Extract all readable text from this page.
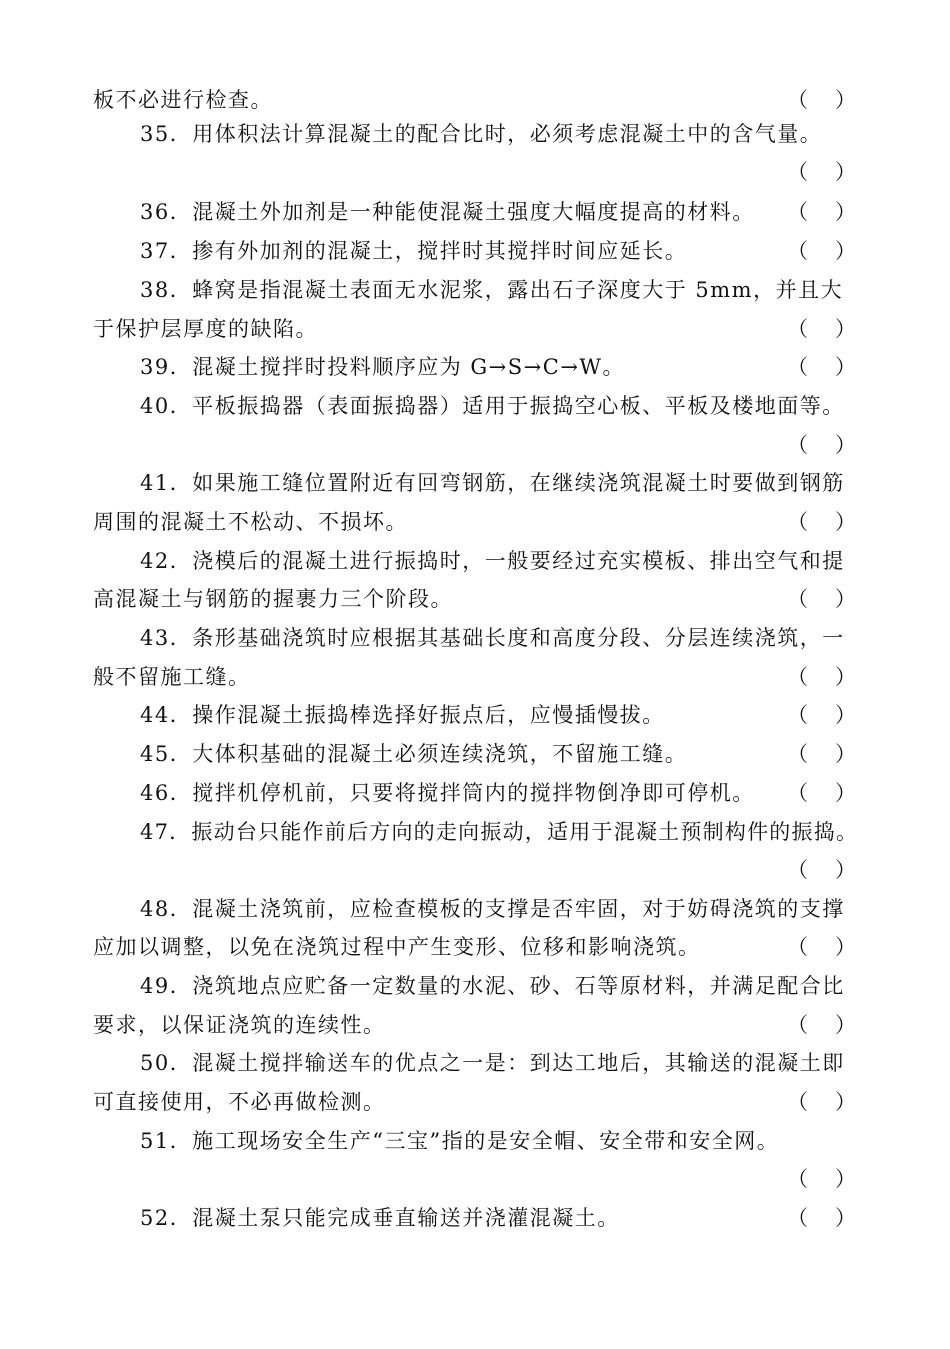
板不必进行检查。	（ ）
35．用体积法计算混凝土的配合比时，必须考虑混凝土中的含气量。
（ ）
36．混凝土外加剂是一种能使混凝土强度大幅度提高的材料。 （ ）
37．掺有外加剂的混凝土，搅拌时其搅拌时间应延长。	（ ）
38．蜂窝是指混凝土表面无水泥浆，露出石子深度大于 5mm，并且大
于保护层厚度的缺陷。	（ ）
39．混凝土搅拌时投料顺序应为 G→S→C→W。	（ ）
40．平板振捣器（表面振捣器）适用于振捣空心板、平板及楼地面等。
（ ）
41．如果施工缝位置附近有回弯钢筋，在继续浇筑混凝土时要做到钢筋
周围的混凝土不松动、不损坏。	（ ）
42．浇模后的混凝土进行振捣时，一般要经过充实模板、排出空气和提
高混凝土与钢筋的握裹力三个阶段。	（ ）
43．条形基础浇筑时应根据其基础长度和高度分段、分层连续浇筑，一
般不留施工缝。	（ ）
44．操作混凝土振捣棒选择好振点后，应慢插慢拔。	（ ）
45．大体积基础的混凝土必须连续浇筑，不留施工缝。	（ ）
46．搅拌机停机前，只要将搅拌筒内的搅拌物倒净即可停机。 （ ）
47．振动台只能作前后方向的走向振动，适用于混凝土预制构件的振捣。
（ ）
48．混凝土浇筑前，应检查模板的支撑是否牢固，对于妨碍浇筑的支撑
应加以调整，以免在浇筑过程中产生变形、位移和影响浇筑。	（ ）
49．浇筑地点应贮备一定数量的水泥、砂、石等原材料，并满足配合比
要求，以保证浇筑的连续性。	（ ）
50．混凝土搅拌输送车的优点之一是：到达工地后，其输送的混凝土即
可直接使用，不必再做检测。	（ ）
51．施工现场安全生产“三宝”指的是安全帽、安全带和安全网。
（ ）
52．混凝土泵只能完成垂直输送并浇灌混凝土。	（ ）
